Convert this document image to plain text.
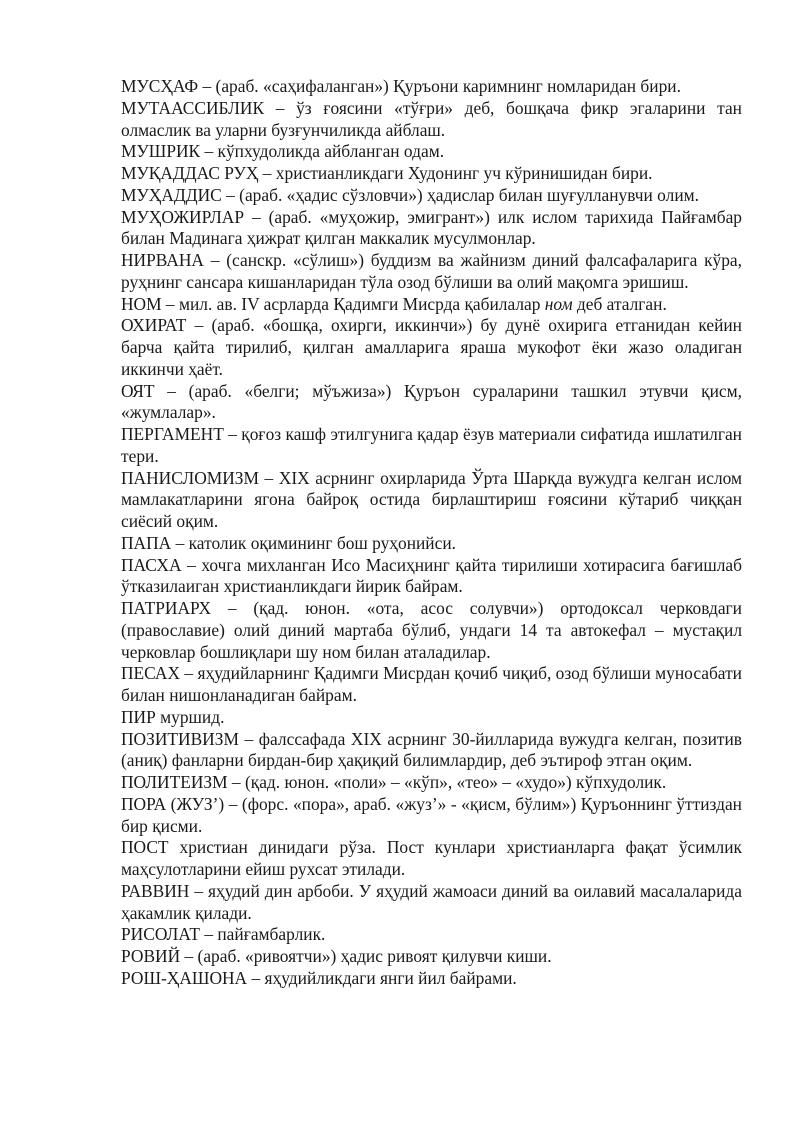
МУСҲАФ – (араб. «саҳифаланган») Қуръони каримнинг номларидан бири.

МУТААССИБЛИК – ўз ғоясини «тўғри» деб, бошқача фикр эгаларини тан олмаслик ва уларни бузғунчиликда айблаш.

МУШРИК – кўпхудоликда айбланган одам.

МУҚАДДАС РУҲ – христианликдаги Худонинг уч кўринишидан бири.

МУҲАДДИС – (араб. «ҳадис сўзловчи») ҳадислар билан шуғулланувчи олим.

МУҲОЖИРЛАР – (араб. «муҳожир, эмигрант») илк ислом тарихида Пайғамбар билан Мадинага ҳижрат қилган маккалик мусулмонлар.

НИРВАНА – (санскр. «сўлиш») буддизм ва жайнизм диний фалсафаларига кўра, руҳнинг сансара кишанларидан тўла озод бўлиши ва олий мақомга эришиш.

НОМ – мил. ав. IV асрларда Қадимги Мисрда қабилалар ном деб аталган.

ОХИРАТ – (араб. «бошқа, охирги, иккинчи») бу дунё охирига етганидан кейин барча қайта тирилиб, қилган амалларига яраша мукофот ёки жазо оладиган иккинчи ҳаёт.

ОЯТ – (араб. «белги; мўъжиза») Қуръон сураларини ташкил этувчи қисм, «жумлалар».

ПЕРГАМЕНТ – қоғоз кашф этилгунига қадар ёзув материали сифатида ишлатилган тери.

ПАНИСЛОМИЗМ – XIX асрнинг охирларида Ўрта Шарқда вужудга келган ислом мамлакатларини ягона байроқ остида бирлаштириш ғоясини кўтариб чиққан сиёсий оқим.

ПАПА – католик оқимининг бош руҳонийси.

ПАСХА – хочга михланган Исо Масиҳнинг қайта тирилиши хотирасига бағишлаб ўтказилаиган христианликдаги йирик байрам.

ПАТРИАРХ – (қад. юнон. «ота, асос солувчи») ортодоксал черковдаги (православие) олий диний мартаба бўлиб, ундаги 14 та автокефал – мустақил черковлар бошлиқлари шу ном билан аталадилар.

ПЕСАХ – яҳудийларнинг Қадимги Мисрдан қочиб чиқиб, озод бўлиши муносабати билан нишонланадиган байрам.

ПИР муршид.

ПОЗИТИВИЗМ – фалсcафада XIX асрнинг 30-йилларида вужудга келган, позитив (аниқ) фанларни бирдан-бир ҳақиқий билимлардир, деб эътироф этган оқим.

ПОЛИТЕИЗМ – (қад. юнон. «поли» – «кўп», «тео» – «худо») кўпхудолик.

ПОРА (ЖУЗ’) – (форс. «пора», араб. «жуз’» - «қисм, бўлим») Қуръоннинг ўттиздан бир қисми.

ПОСТ христиан динидаги рўза. Пост кунлари христианларга фақат ўсимлик маҳсулотларини ейиш рухсат этилади.

РАВВИН – яҳудий дин арбоби. У яҳудий жамоаси диний ва оилавий масалаларида ҳакамлик қилади.

РИСОЛАТ – пайғамбарлик.

РОВИЙ – (араб. «ривоятчи») ҳадис ривоят қилувчи киши.

РОШ-ҲАШОНА – яҳудийликдаги янги йил байрами.
